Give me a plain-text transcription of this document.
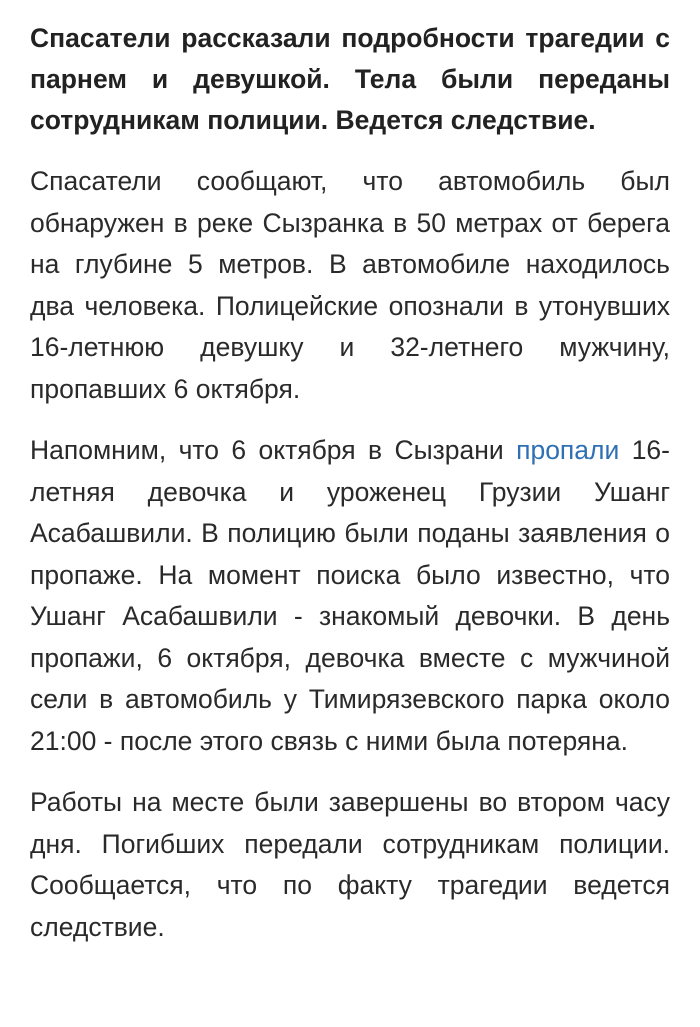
Спасатели рассказали подробности трагедии с парнем и девушкой. Тела были переданы сотрудникам полиции. Ведется следствие.

Спасатели сообщают, что автомобиль был обнаружен в реке Сызранка в 50 метрах от берега на глубине 5 метров. В автомобиле находилось два человека. Полицейские опознали в утонувших 16-летнюю девушку и 32-летнего мужчину, пропавших 6 октября.

Напомним, что 6 октября в Сызрани пропали 16-летняя девочка и уроженец Грузии Ушанг Асабашвили. В полицию были поданы заявления о пропаже. На момент поиска было известно, что Ушанг Асабашвили - знакомый девочки. В день пропажи, 6 октября, девочка вместе с мужчиной сели в автомобиль у Тимирязевского парка около 21:00 - после этого связь с ними была потеряна.

Работы на месте были завершены во втором часу дня. Погибших передали сотрудникам полиции. Сообщается, что по факту трагедии ведется следствие.
